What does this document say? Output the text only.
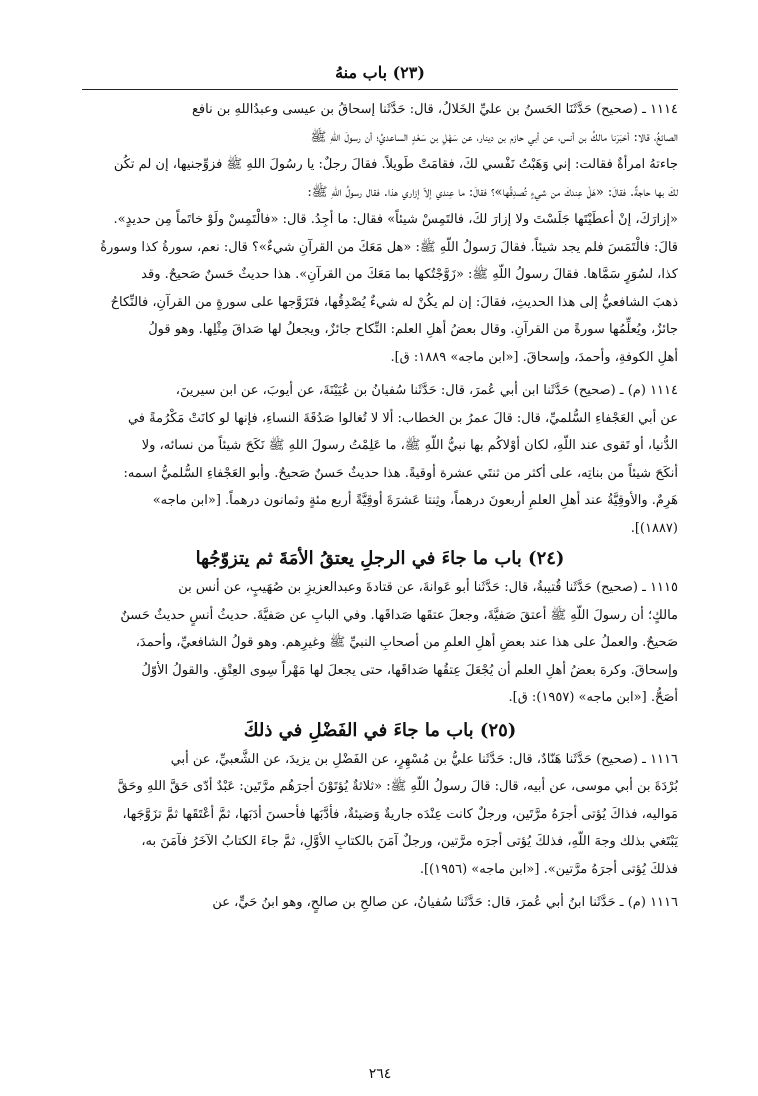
(٢٣) باب منهُ

١١١٤ ـ (صحيح) حَدَّثَنَا الحَسنُ بن عليِّ الخَلالُ، قال: حَدَّثَنا إسحاقُ بن عيسى وعبدُاللهِ بن نافع
الصائغُ، قالا: أخبَرَنا مالكُ بن أنس، عن أبي حازم بن دينار، عن سَهْلِ بن سَعْدٍ الساعديِّ؛ أن رسولَ اللهِ ﷺ
جاءتهُ امرأةٌ فقالت: إني وَهَبْتُ نَفْسي لكَ، فقامَتْ طَويلاً. فقالَ رجلٌ: يا رسُولَ اللهِ ﷺ فزوِّجنيها، إن لم تكُن
لكَ بها حاجةٌ. فقالَ: «هَلْ عِندكَ من شيءٍ تُصدِقُها»؟ فقالَ: ما عِندي إلاّ إزاري هذا. فقال رسولُ اللهِ ﷺ:
«إزارَكَ، إنْ أعطَيْتَها جَلَسْتَ ولا إزارَ لكَ، فالتَمِسْ شيئاً» فقال: ما أجِدُ. قال: «فالْتَمِسْ ولَوْ خاتَماً مِن حديدٍ».
قالَ: فالْتَمَسَ فلم يجد شيئاً. فقالَ رَسولُ اللّهِ ﷺ: «هل مَعَكَ من القرآنِ شيءٌ»؟ قال: نعم، سورةُ كذا وسورةُ
كذا، لسُوَرٍ سَمَّاها. فقالَ رسولُ اللّهِ ﷺ: «زَوَّجْتُكها بما مَعَكَ من القرآنِ». هذا حديثٌ حَسنٌ صَحيحٌ. وقد
ذهبَ الشافعيُّ إلى هذا الحديثِ، فقالَ: إن لم يكُنْ له شيءٌ يُصْدِقُها، فتَزَوَّجها على سورةٍ من القرآنِ، فالنِّكاحُ
جائزٌ، ويُعلِّمُها سورةً من القرآنِ. وقال بعضُ أهلِ العلم: النِّكاح جائزٌ، ويجعلُ لها صَداقَ مِثْلِها. وهو قولُ
أهلِ الكوفةِ، وأحمدَ، وإسحاقَ. [«ابن ماجه» ١٨٨٩: ق].

١١١٤ (م) ـ (صحيح) حَدَّثَنا ابن أبي عُمرَ، قال: حَدَّثَنا سُفيانُ بن عُيَيْنَةَ، عن أيوبَ، عن ابن سيرينَ،
عن أبي العَجْفاءِ السُّلميِّ، قال: قالَ عمرُ بن الخطاب: ألا لا تُغالوا صَدُقَةَ النساءِ، فإنها لو كانَتْ مَكْرُمةً في
الدُّنيا، أو تَقوى عند اللّهِ، لكان أوْلاكُم بها نبيُّ اللّهِ ﷺ، ما عَلِمْتُ رسولَ اللهِ ﷺ نَكَحَ شيئاً من نسائه، ولا
أنكَحَ شيئاً من بناتِه، على أكثر من ثنتَي عشرة أوقيةً. هذا حديثٌ حَسنٌ صَحيحٌ. وأبو العَجْفاءِ السُّلميُّ اسمه:
هَرِمٌ. والأوقِيَّةُ عند أهلِ العلمِ أربعونَ درهماً، وثِنتا عَشرَةَ أوقِيَّةً أربع مئةٍ وثمانون درهماً. [«ابن ماجه»
(١٨٨٧)].

(٢٤) باب ما جاءَ في الرجلِ يعتقُ الأمَةَ ثم يتزوّجُها

١١١٥ ـ (صحيح) حَدَّثَنا قُتيبةُ، قال: حَدَّثَنا أبو عَوانةَ، عن قتادةَ وعبدالعزيزِ بن صُهَيبٍ، عن أنس بن
مالكٍ؛ أن رسولَ اللّهِ ﷺ أعتقَ صَفيَّةَ، وجعلَ عتقَها صَداقَها. وفي البابِ عن صَفيَّةَ. حديثُ أنسٍ حديثٌ حَسنٌ
صَحيحٌ. والعملُ على هذا عند بعضِ أهلِ العلمِ من أصحابِ النبيِّ ﷺ وغيرِهم. وهو قولُ الشافعيِّ، وأحمدَ،
وإسحاقَ. وكرهَ بعضُ أهلِ العلم أن يُجْعَلَ عِتقُها صَداقَها، حتى يجعلَ لها مَهْراً سِوى العِتْقِ. والقولُ الأوّلُ
أصَحُّ. [«ابن ماجه» (١٩٥٧): ق].

(٢٥) باب ما جاءَ في الفَضْلِ في ذلكَ

١١١٦ ـ (صحيح) حَدَّثَنا هَنّادٌ، قال: حَدَّثَنا عليُّ بن مُسْهِرٍ، عن الفَضْلِ بن يزيدَ، عن الشَّعبيِّ، عن أبي
بُرْدَةَ بن أبي موسى، عن أبيه، قال: قالَ رسولُ اللّهِ ﷺ: «ثلاثةٌ يُؤتَوْنَ أجرَهُم مرَّتَين: عَبْدٌ أدّى حَقَّ اللهِ وحَقَّ
مَواليه، فذاكَ يُؤتى أجرَهُ مرَّتَين، ورجلٌ كانت عِنْدَه جاريةٌ وَضيئةٌ، فأدَّبَها فأحسنَ أدَبَها، ثمَّ أعْتَقَها ثمَّ تزَوَّجَها،
يَبْتَغي بذلك وجهَ اللّهِ، فذلكَ يُؤتى أجرَه مرَّتين، ورجلٌ آمَنَ بالكتابِ الأوَّلِ، ثمَّ جاءَ الكتابُ الآخَرُ فآمَنَ به،
فذلكَ يُؤتى أجرَهُ مرَّتين». [«ابن ماجه» (١٩٥٦)].

١١١٦ (م) ـ حَدَّثَنا ابنُ أبي عُمرَ، قال: حَدَّثَنا سُفيانُ، عن صالحِ بن صالحٍ، وهو ابنُ حَيٍّ، عن

٢٦٤
